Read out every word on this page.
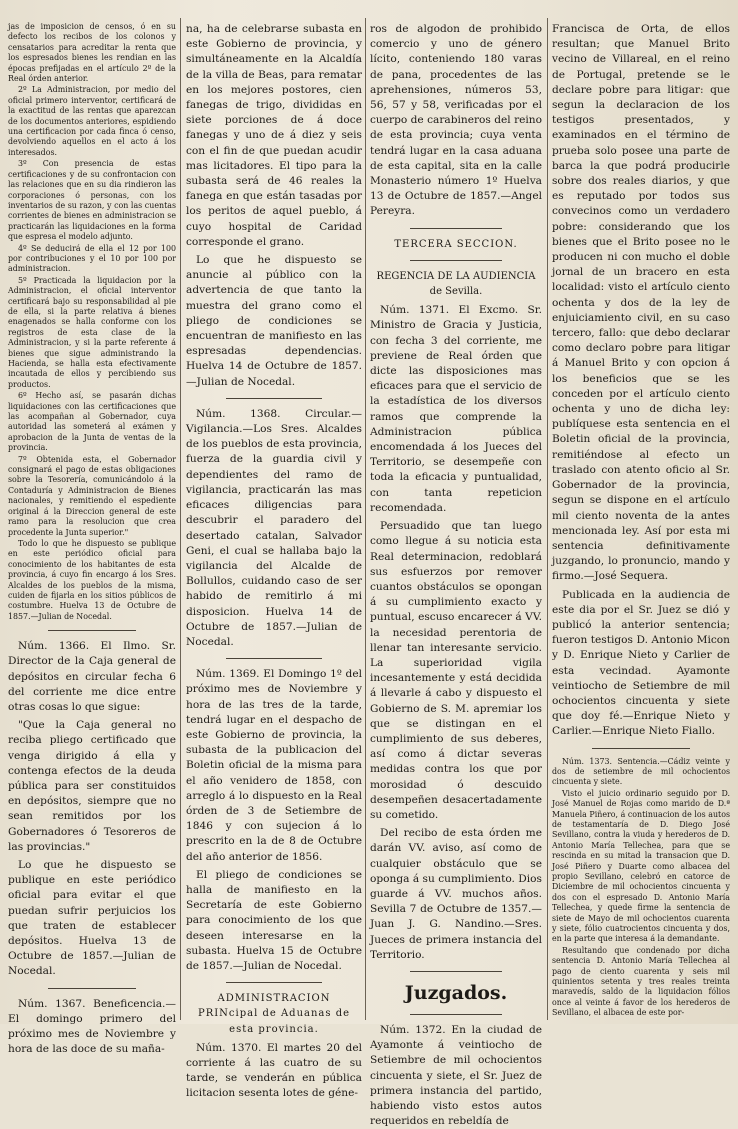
jas de imposicion de censos, ó en su defecto los recibos de los colonos y censatarios para acreditar la renta que los espresados bienes les rendian en las épocas prefijadas en el artículo 2º de la Real órden anterior.

2º La Administracion, por medio del oficial primero interventor, certificará de la exactitud de las rentas que aparezcan de los documentos anteriores, espidiendo una certificacion por cada finca ó censo, devolviendo aquellos en el acto á los interesados.

3º Con presencia de estas certificaciones y de su confrontacion con las relaciones que en su dia rindieron las corporaciones ó personas, con los inventarios de su razon, y con las cuentas corrientes de bienes en administracion se practicarán las liquidaciones en la forma que espresa el modelo adjunto.

4º Se deducirá de ella el 12 por 100 por contribuciones y el 10 por 100 por administracion.

5º Practicada la liquidacion por la Administracion, el oficial interventor certificará bajo su responsabilidad al pie de ella, si la parte relativa á bienes enagenados se halla conforme con los registros de esta clase de la Administracion, y si la parte referente á bienes que sigue administrando la Hacienda, se halla esta efectivamente incautada de ellos y percibiendo sus productos.

6º Hecho así, se pasarán dichas liquidaciones con las certificaciones que las acompañan al Gobernador, cuya autoridad las someterá al exámen y aprobacion de la Junta de ventas de la provincia.

7º Obtenida esta, el Gobernador consignará el pago de estas obligaciones sobre la Tesorería, comunicándolo á la Contaduría y Administracion de Bienes nacionales, y remitiendo el espediente original á la Direccion general de este ramo para la resolucion que crea procedente la Junta superior."

Todo lo que he dispuesto se publique en este periódico oficial para conocimiento de los habitantes de esta provincia, á cuyo fin encargo á los Sres. Alcaldes de los pueblos de la misma, cuiden de fijarla en los sitios públicos de costumbre. Huelva 13 de Octubre de 1857.—Julian de Nocedal.

Núm. 1366. El Ilmo. Sr. Director de la Caja general de depósitos en circular fecha 6 del corriente me dice entre otras cosas lo que sigue:

"Que la Caja general no reciba pliego certificado que venga dirigido á ella y contenga efectos de la deuda pública para ser constituidos en depósitos, siempre que no sean remitidos por los Gobernadores ó Tesoreros de las provincias."

Lo que he dispuesto se publique en este periódico oficial para evitar el que puedan sufrir perjuicios los que traten de establecer depósitos. Huelva 13 de Octubre de 1857.—Julian de Nocedal.

Núm. 1367. Beneficencia.—El domingo primero del próximo mes de Noviembre y hora de las doce de su maña-

na, ha de celebrarse subasta en este Gobierno de provincia, y simultáneamente en la Alcaldía de la villa de Beas, para rematar en los mejores postores, cien fanegas de trigo, divididas en siete porciones de á doce fanegas y uno de á diez y seis con el fin de que puedan acudir mas licitadores. El tipo para la subasta será de 46 reales la fanega en que están tasadas por los peritos de aquel pueblo, á cuyo hospital de Caridad corresponde el grano.

Lo que he dispuesto se anuncie al público con la advertencia de que tanto la muestra del grano como el pliego de condiciones se encuentran de manifiesto en las espresadas dependencias. Huelva 14 de Octubre de 1857.—Julian de Nocedal.

Núm. 1368. Circular.—Vigilancia.—Los Sres. Alcaldes de los pueblos de esta provincia, fuerza de la guardia civil y dependientes del ramo de vigilancia, practicarán las mas eficaces diligencias para descubrir el paradero del desertado catalan, Salvador Geni, el cual se hallaba bajo la vigilancia del Alcalde de Bollullos, cuidando caso de ser habido de remitirlo á mi disposicion. Huelva 14 de Octubre de 1857.—Julian de Nocedal.

Núm. 1369. El Domingo 1º del próximo mes de Noviembre y hora de las tres de la tarde, tendrá lugar en el despacho de este Gobierno de provincia, la subasta de la publicacion del Boletin oficial de la misma para el año venidero de 1858, con arreglo á lo dispuesto en la Real órden de 3 de Setiembre de 1846 y con sujecion á lo prescrito en la de 8 de Octubre del año anterior de 1856.

El pliego de condiciones se halla de manifiesto en la Secretaría de este Gobierno para conocimiento de los que deseen interesarse en la subasta. Huelva 15 de Octubre de 1857.—Julian de Nocedal.

ADMINISTRACION PRINcipal de Aduanas de esta provincia.

Núm. 1370. El martes 20 del corriente á las cuatro de su tarde, se venderán en pública licitacion sesenta lotes de géne-

ros de algodon de prohibido comercio y uno de género lícito, conteniendo 180 varas de pana, procedentes de las aprehensiones, números 53, 56, 57 y 58, verificadas por el cuerpo de carabineros del reino de esta provincia; cuya venta tendrá lugar en la casa aduana de esta capital, sita en la calle Monasterio número 1º Huelva 13 de Octubre de 1857.—Angel Pereyra.

TERCERA SECCION.

REGENCIA DE LA AUDIENCIA de Sevilla.

Núm. 1371. El Excmo. Sr. Ministro de Gracia y Justicia, con fecha 3 del corriente, me previene de Real órden que dicte las disposiciones mas eficaces para que el servicio de la estadística de los diversos ramos que comprende la Administracion pública encomendada á los Jueces del Territorio, se desempeñe con toda la eficacia y puntualidad, con tanta repeticion recomendada.

Persuadido que tan luego como llegue á su noticia esta Real determinacion, redoblará sus esfuerzos por remover cuantos obstáculos se opongan á su cumplimiento exacto y puntual, escuso encarecer á VV. la necesidad perentoria de llenar tan interesante servicio. La superioridad vigila incesantemente y está decidida á llevarle á cabo y dispuesto el Gobierno de S. M. apremiar los que se distingan en el cumplimiento de sus deberes, así como á dictar severas medidas contra los que por morosidad ó descuido desempeñen desacertadamente su cometido.

Del recibo de esta órden me darán VV. aviso, así como de cualquier obstáculo que se oponga á su cumplimiento. Dios guarde á VV. muchos años. Sevilla 7 de Octubre de 1357.—Juan J. G. Nandino.—Sres. Jueces de primera instancia del Territorio.

Juzgados.

Núm. 1372. En la ciudad de Ayamonte á veintiocho de Setiembre de mil ochocientos cincuenta y siete, el Sr. Juez de primera instancia del partido, habiendo visto estos autos requeridos en rebeldía de

Francisca de Orta, de ellos resultan; que Manuel Brito vecino de Villareal, en el reino de Portugal, pretende se le declare pobre para litigar: que segun la declaracion de los testigos presentados, y examinados en el término de prueba solo posee una parte de barca la que podrá producirle sobre dos reales diarios, y que es reputado por todos sus convecinos como un verdadero pobre: considerando que los bienes que el Brito posee no le producen ni con mucho el doble jornal de un bracero en esta localidad: visto el artículo ciento ochenta y dos de la ley de enjuiciamiento civil, en su caso tercero, fallo: que debo declarar como declaro pobre para litigar á Manuel Brito y con opcion á los beneficios que se les conceden por el artículo ciento ochenta y uno de dicha ley: publíquese esta sentencia en el Boletin oficial de la provincia, remitiéndose al efecto un traslado con atento oficio al Sr. Gobernador de la provincia, segun se dispone en el artículo mil ciento noventa de la antes mencionada ley. Así por esta mi sentencia definitivamente juzgando, lo pronuncio, mando y firmo.—José Sequera.

Publicada en la audiencia de este dia por el Sr. Juez se dió y publicó la anterior sentencia; fueron testigos D. Antonio Micon y D. Enrique Nieto y Carlier de esta vecindad. Ayamonte veintiocho de Setiembre de mil ochocientos cincuenta y siete que doy fé.—Enrique Nieto y Carlier.—Enrique Nieto Fiallo.

Núm. 1373. Sentencia.—Cádiz veinte y dos de setiembre de mil ochocientos cincuenta y siete.

Visto el juicio ordinario seguido por D. José Manuel de Rojas como marido de D.ª Manuela Piñero, á continuacion de los autos de testamentaría de D. Diego José Sevillano, contra la viuda y herederos de D. Antonio María Tellechea, para que se rescinda en su mitad la transacion que D. José Piñero y Duarte como albacea del propio Sevillano, celebró en catorce de Diciembre de mil ochocientos cincuenta y dos con el espresado D. Antonio María Tellechea, y quede firme la sentencia de siete de Mayo de mil ochocientos cuarenta y siete, fólio cuatrocientos cincuenta y dos, en la parte que interesa á la demandante.

Resultando que condenado por dicha sentencia D. Antonio María Tellechea al pago de ciento cuarenta y seis mil quinientos setenta y tres reales treinta maravedís, saldo de la liquidacion fólios once al veinte á favor de los herederos de Sevillano, el albacea de este por-
